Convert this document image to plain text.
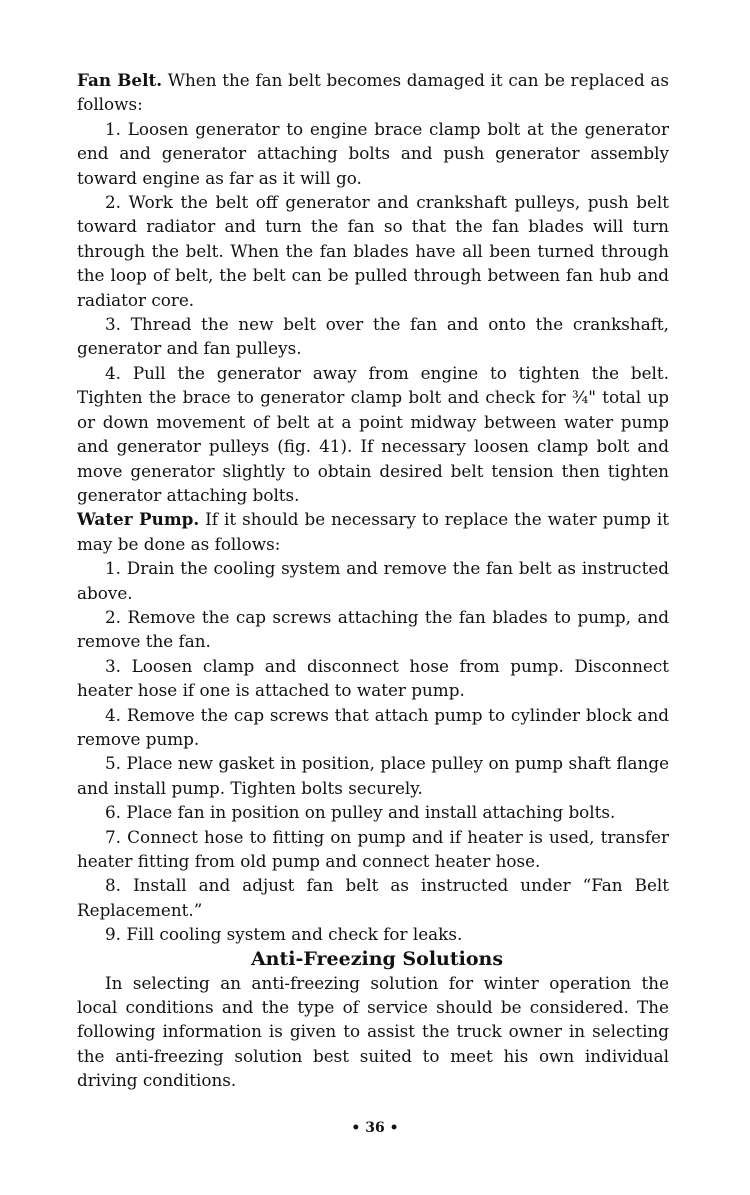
Fan Belt. When the fan belt becomes damaged it can be replaced as follows:

1. Loosen generator to engine brace clamp bolt at the generator end and generator attaching bolts and push generator assembly toward engine as far as it will go.

2. Work the belt off generator and crankshaft pulleys, push belt toward radiator and turn the fan so that the fan blades will turn through the belt. When the fan blades have all been turned through the loop of belt, the belt can be pulled through between fan hub and radiator core.

3. Thread the new belt over the fan and onto the crankshaft, generator and fan pulleys.

4. Pull the generator away from engine to tighten the belt. Tighten the brace to generator clamp bolt and check for ¾" total up or down movement of belt at a point midway between water pump and generator pulleys (fig. 41). If necessary loosen clamp bolt and move generator slightly to obtain desired belt tension then tighten generator attaching bolts.

Water Pump. If it should be necessary to replace the water pump it may be done as follows:

1. Drain the cooling system and remove the fan belt as instructed above.

2. Remove the cap screws attaching the fan blades to pump, and remove the fan.

3. Loosen clamp and disconnect hose from pump. Disconnect heater hose if one is attached to water pump.

4. Remove the cap screws that attach pump to cylinder block and remove pump.

5. Place new gasket in position, place pulley on pump shaft flange and install pump. Tighten bolts securely.

6. Place fan in position on pulley and install attaching bolts.

7. Connect hose to fitting on pump and if heater is used, transfer heater fitting from old pump and connect heater hose.

8. Install and adjust fan belt as instructed under “Fan Belt Replacement.”

9. Fill cooling system and check for leaks.

Anti-Freezing Solutions

In selecting an anti-freezing solution for winter operation the local conditions and the type of service should be considered. The following information is given to assist the truck owner in selecting the anti-freezing solution best suited to meet his own individual driving conditions.

• 36 •
